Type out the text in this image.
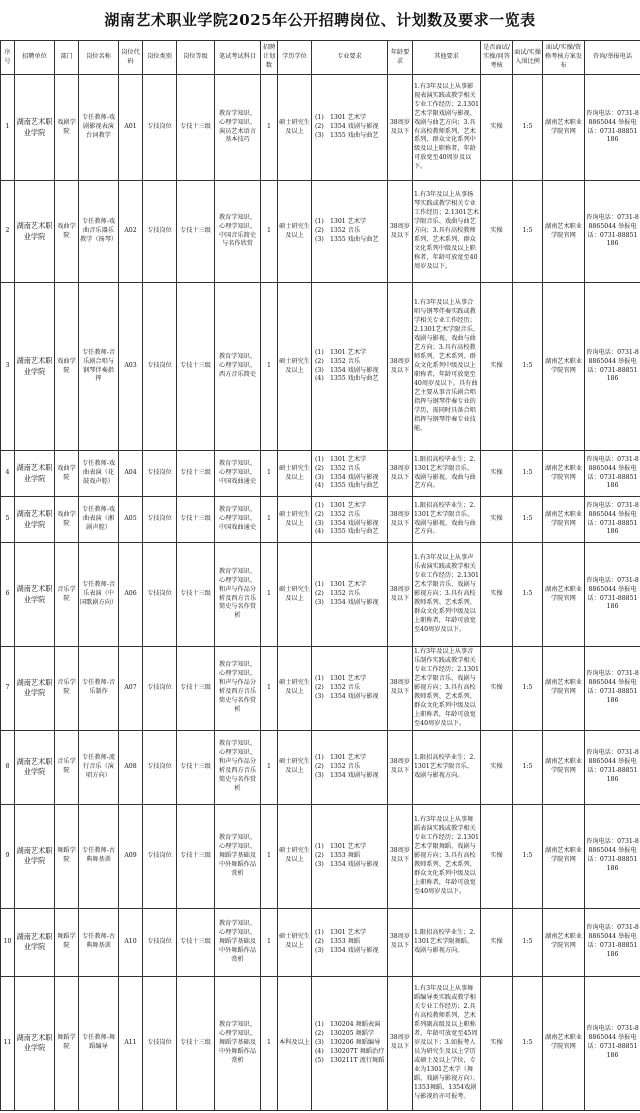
湖南艺术职业学院2025年公开招聘岗位、计划数及要求一览表
序号	招聘单位	部门	岗位名称	岗位代码	岗位类别	岗位等级	笔试考试科目	招聘计划数	学历学位	专业要求	年龄要求	其他要求	是否面试/实操/问答考核	面试/实操入围比例	面试/实操/资格考核方案发布	咨询/举报电话
1	湖南艺术职业学院	戏剧学院	专任教师-戏剧影视表演台词教学	A01	专技岗位	专技十三级	教育学知识、心理学知识、演员艺术语言基本技巧	1	硕士研究生及以上	(1)　1301 艺术学
(2)　1354 戏剧与影视
(3)　1355 戏曲与曲艺	38周岁及以下	1.有3年及以上从事影视表演实践或教学相关专业工作经历；2.1301艺术学限戏剧与影视、戏剧与曲艺方向；3.具有高校教师系列、艺术系列、群众文化系列中级及以上职称者，年龄可放宽至40周岁及以下。	实操	1:5	湖南艺术职业学院官网	咨询电话：0731-88865044 举报电话：0731-88851186
2	湖南艺术职业学院	戏曲学院	专任教师-戏曲音乐器乐教学（扬琴）	A02	专技岗位	专技十三级	教育学知识、心理学知识、中国音乐简史与名作欣赏	1	硕士研究生及以上	(1)　1301 艺术学
(2)　1352 音乐
(3)　1355 戏曲与曲艺	38周岁及以下	1.有3年及以上从事扬琴实践或教学相关专业工作经历；2.1301艺术学限音乐、戏曲与曲艺方向；3.具有高校教师系列、艺术系列、群众文化系列中级及以上职称者，年龄可放宽至40周岁及以下。	实操	1:5	湖南艺术职业学院官网	咨询电话：0731-88865044 举报电话：0731-88851186
3	湖南艺术职业学院	戏曲学院	专任教师-音乐剧合唱与钢琴伴奏指挥	A03	专技岗位	专技十三级	教育学知识、心理学知识、西方音乐简史	1	硕士研究生及以上	(1)　1301 艺术学
(2)　1352 音乐
(3)　1354 戏剧与影视
(4)　1355 戏曲与曲艺	38周岁及以下	1.有3年及以上从事合唱与钢琴伴奏实践或教学相关专业工作经历；2.1301艺术学限音乐、戏剧与影视、戏曲与曲艺方向；3.具有高校教师系列、艺术系列、群众文化系列中级及以上职称者，年龄可放宽至40周岁及以下。具有曲艺主要从事音乐剧合唱指挥与钢琴伴奏专业的学历，需同时具备合唱指挥与钢琴伴奏专业技能。	实操	1:5	湖南艺术职业学院官网	咨询电话：0731-88865044 举报电话：0731-88851186
4	湖南艺术职业学院	戏曲学院	专任教师-戏曲表演（花鼓戏声腔）	A04	专技岗位	专技十三级	教育学知识、心理学知识、中国戏曲通史	1	硕士研究生及以上	(1)　1301 艺术学
(2)　1352 音乐
(3)　1354 戏剧与影视
(4)　1355 戏曲与曲艺	38周岁及以下	1.限招高校毕业生；2.1301艺术学限音乐、戏剧与影视、戏曲与曲艺方向。	实操	1:5	湖南艺术职业学院官网	咨询电话：0731-88865044 举报电话：0731-88851186
5	湖南艺术职业学院	戏曲学院	专任教师-戏曲表演（湘剧声腔）	A05	专技岗位	专技十三级	教育学知识、心理学知识、中国戏曲通史	1	硕士研究生及以上	(1)　1301 艺术学
(2)　1352 音乐
(3)　1354 戏剧与影视
(4)　1355 戏曲与曲艺	38周岁及以下	1.限招高校毕业生；2.1301艺术学限音乐、戏剧与影视、戏曲与曲艺方向。	实操	1:5	湖南艺术职业学院官网	咨询电话：0731-88865044 举报电话：0731-88851186
6	湖南艺术职业学院	音乐学院	专任教师-音乐表演（中国歌剧方向）	A06	专技岗位	专技十三级	教育学知识、心理学知识、和声与作品分析及西方音乐简史与名作赏析	1	硕士研究生及以上	(1)　1301 艺术学
(2)　1352 音乐
(3)　1354 戏剧与影视	38周岁及以下	1.有3年及以上从事声乐表演实践或教学相关专业工作经历；2.1301艺术学限音乐、戏剧与影视方向；3.具有高校教师系列、艺术系列、群众文化系列中级及以上职称者，年龄可放宽至40周岁及以下。	实操	1:5	湖南艺术职业学院官网	咨询电话：0731-88865044 举报电话：0731-88851186
7	湖南艺术职业学院	音乐学院	专任教师-音乐制作	A07	专技岗位	专技十三级	教育学知识、心理学知识、和声与作品分析及西方音乐简史与名作赏析	1	硕士研究生及以上	(1)　1301 艺术学
(2)　1352 音乐
(3)　1354 戏剧与影视	38周岁及以下	1.有3年及以上从事音乐制作实践或教学相关专业工作经历；2.1301艺术学限音乐、戏剧与影视方向；3.具有高校教师系列、艺术系列、群众文化系列中级及以上职称者，年龄可放宽至40周岁及以下。	实操	1:5	湖南艺术职业学院官网	咨询电话：0731-88865044 举报电话：0731-88851186
8	湖南艺术职业学院	音乐学院	专任教师-流行音乐（演唱方向）	A08	专技岗位	专技十三级	教育学知识、心理学知识、和声与作品分析及西方音乐简史与名作赏析	1	硕士研究生及以上	(1)　1301 艺术学
(2)　1352 音乐
(3)　1354 戏剧与影视	38周岁及以下	1.限招高校毕业生；2.1301艺术学限音乐、戏剧与影视方向。	实操	1:5	湖南艺术职业学院官网	咨询电话：0731-88865044 举报电话：0731-88851186
9	湖南艺术职业学院	舞蹈学院	专任教师-古典舞基训	A09	专技岗位	专技十三级	教育学知识、心理学知识、舞蹈学基础及中外舞蹈作品赏析	1	硕士研究生及以上	(1)　1301 艺术学
(2)　1353 舞蹈
(3)　1354 戏剧与影视	38周岁及以下	1.有3年及以上从事舞蹈表演实践或教学相关专业工作经历；2.1301艺术学限舞蹈、戏剧与影视方向；3.具有高校教师系列、艺术系列、群众文化系列中级及以上职称者，年龄可放宽至40周岁及以下。	实操	1:5	湖南艺术职业学院官网	咨询电话：0731-88865044 举报电话：0731-88851186
10	湖南艺术职业学院	舞蹈学院	专任教师-古典舞基训	A10	专技岗位	专技十三级	教育学知识、心理学知识、舞蹈学基础及中外舞蹈作品赏析	1	硕士研究生及以上	(1)　1301 艺术学
(2)　1353 舞蹈
(3)　1354 戏剧与影视	38周岁及以下	1.限招高校毕业生；2.1301艺术学限舞蹈、戏剧与影视方向。	实操	1:5	湖南艺术职业学院官网	咨询电话：0731-88865044 举报电话：0731-88851186
11	湖南艺术职业学院	舞蹈学院	专任教师-舞蹈编导	A11	专技岗位	专技十三级	教育学知识、心理学知识、舞蹈学基础及中外舞蹈作品赏析	1	本科及以上	(1)　130204 舞蹈表演
(2)　130205 舞蹈学
(3)　130206 舞蹈编导
(4)　130207T 舞蹈治疗
(5)　130211T 流行舞蹈	38周岁及以下	1.有3年及以上从事舞蹈编导类实践或教学相关专业工作经历；2.具有高校教师系列、艺术系列副高级及以上职称者，年龄可放宽至45周岁及以下；3.如报考人员为研究生及以上学历或硕士及以上学位，专业为1301艺术学（舞蹈、戏剧与影视方向）、1353舞蹈、1354戏剧与影视的亦可报考。	实操	1:5	湖南艺术职业学院官网	咨询电话：0731-88865044 举报电话：0731-88851186
